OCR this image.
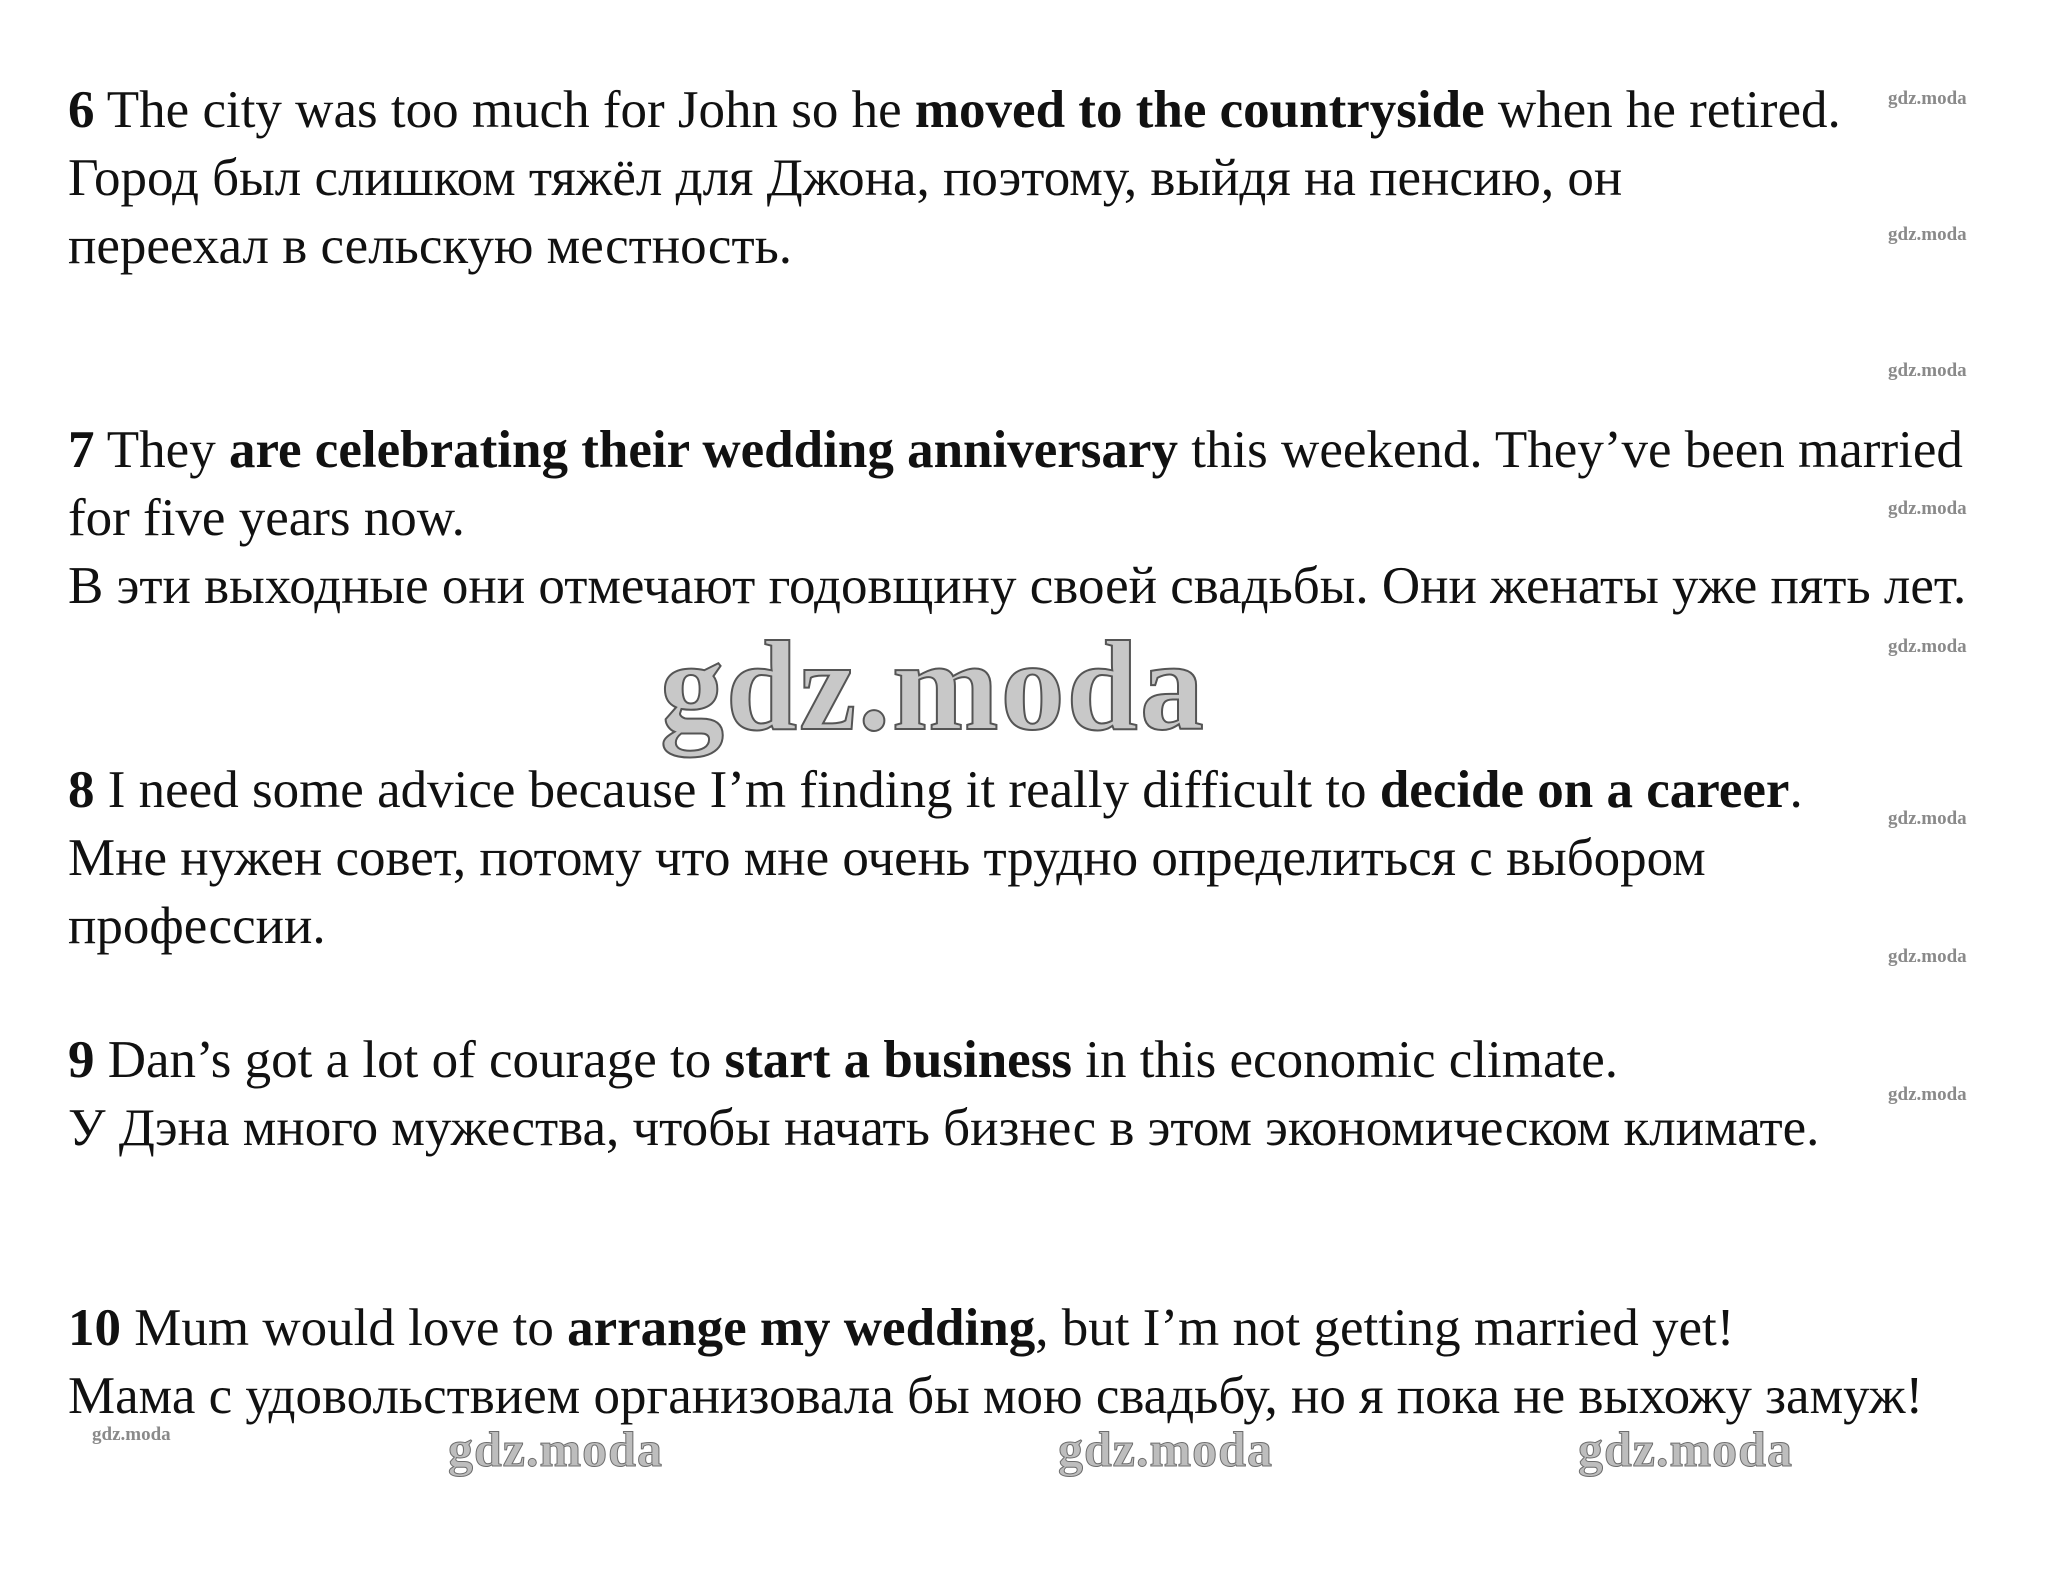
6 The city was too much for John so he moved to the countryside when he retired.

Город был слишком тяжёл для Джона, поэтому, выйдя на пенсию, он переехал в сельскую местность.

7 They are celebrating their wedding anniversary this weekend. They’ve been married   for five years now.

В эти выходные они отмечают годовщину своей свадьбы. Они женаты уже пять лет.

8 I need some advice because I’m finding it really difficult to decide on a career.

Мне нужен совет, потому что мне очень трудно определиться с выбором профессии.

9 Dan’s got a lot of courage to start a business in this economic climate.

У Дэна много мужества, чтобы начать бизнес в этом экономическом климате.

10 Mum would love to arrange my wedding, but I’m not getting married yet!

Мама с удовольствием организовала бы мою свадьбу, но я пока не выхожу замуж!

gdz.moda
gdz.moda
gdz.moda
gdz.moda
gdz.moda
gdz.moda
gdz.moda
gdz.moda
gdz.moda
gdz.moda
gdz.moda	gdz.moda	gdz.moda
